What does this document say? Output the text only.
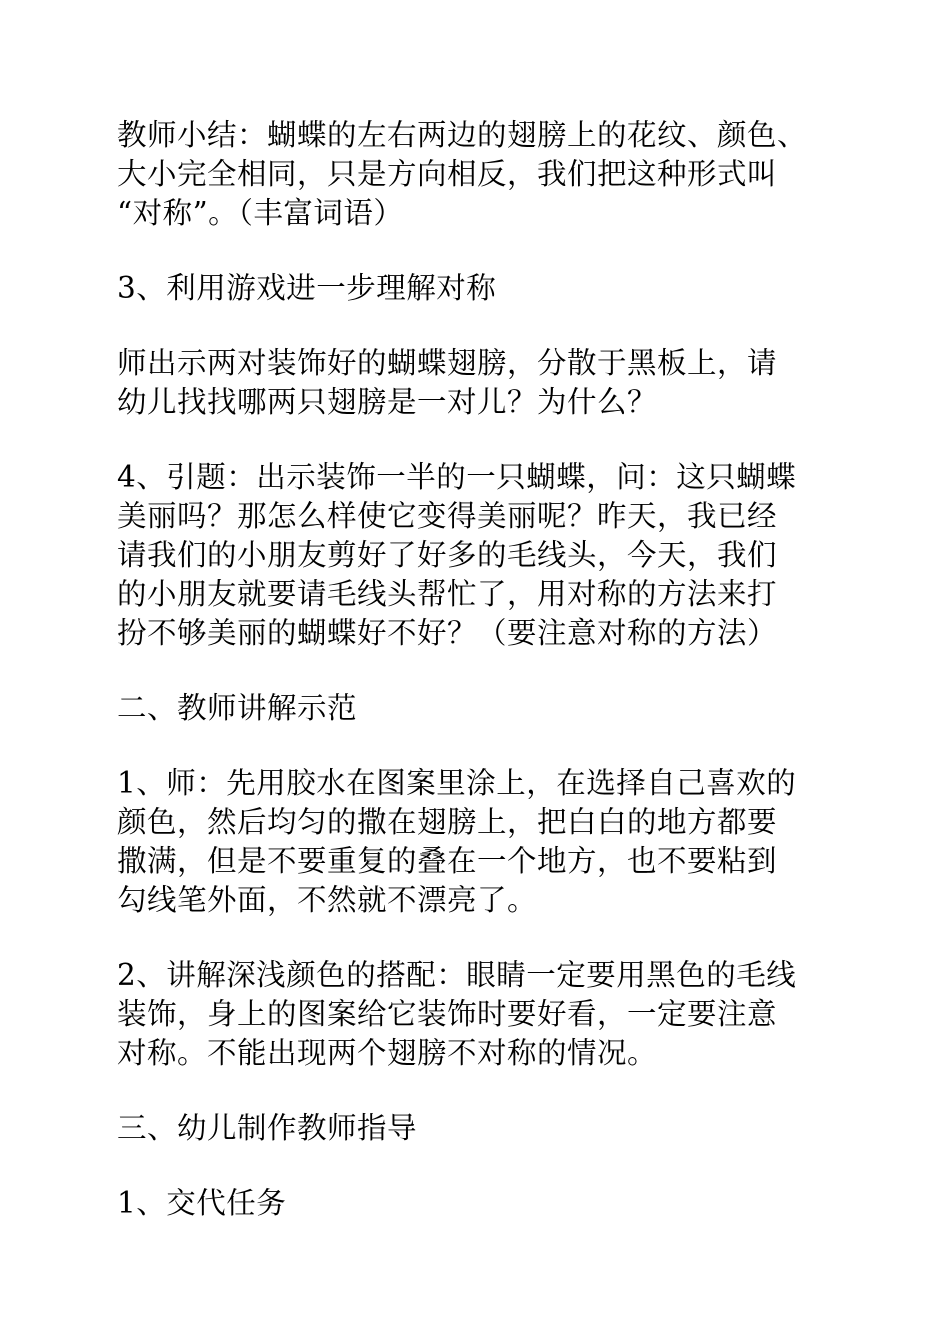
教师小结：蝴蝶的左右两边的翅膀上的花纹、颜色、
大小完全相同，只是方向相反，我们把这种形式叫
“对称”。（丰富词语）

3、利用游戏进一步理解对称

师出示两对装饰好的蝴蝶翅膀，分散于黑板上，请
幼儿找找哪两只翅膀是一对儿？为什么？

4、引题：出示装饰一半的一只蝴蝶，问：这只蝴蝶
美丽吗？那怎么样使它变得美丽呢？昨天，我已经
请我们的小朋友剪好了好多的毛线头，今天，我们
的小朋友就要请毛线头帮忙了，用对称的方法来打
扮不够美丽的蝴蝶好不好？（要注意对称的方法）

二、教师讲解示范

1、师：先用胶水在图案里涂上，在选择自己喜欢的
颜色，然后均匀的撒在翅膀上，把白白的地方都要
撒满，但是不要重复的叠在一个地方，也不要粘到
勾线笔外面，不然就不漂亮了。

2、讲解深浅颜色的搭配：眼睛一定要用黑色的毛线
装饰，身上的图案给它装饰时要好看，一定要注意
对称。不能出现两个翅膀不对称的情况。

三、幼儿制作教师指导

1、交代任务
